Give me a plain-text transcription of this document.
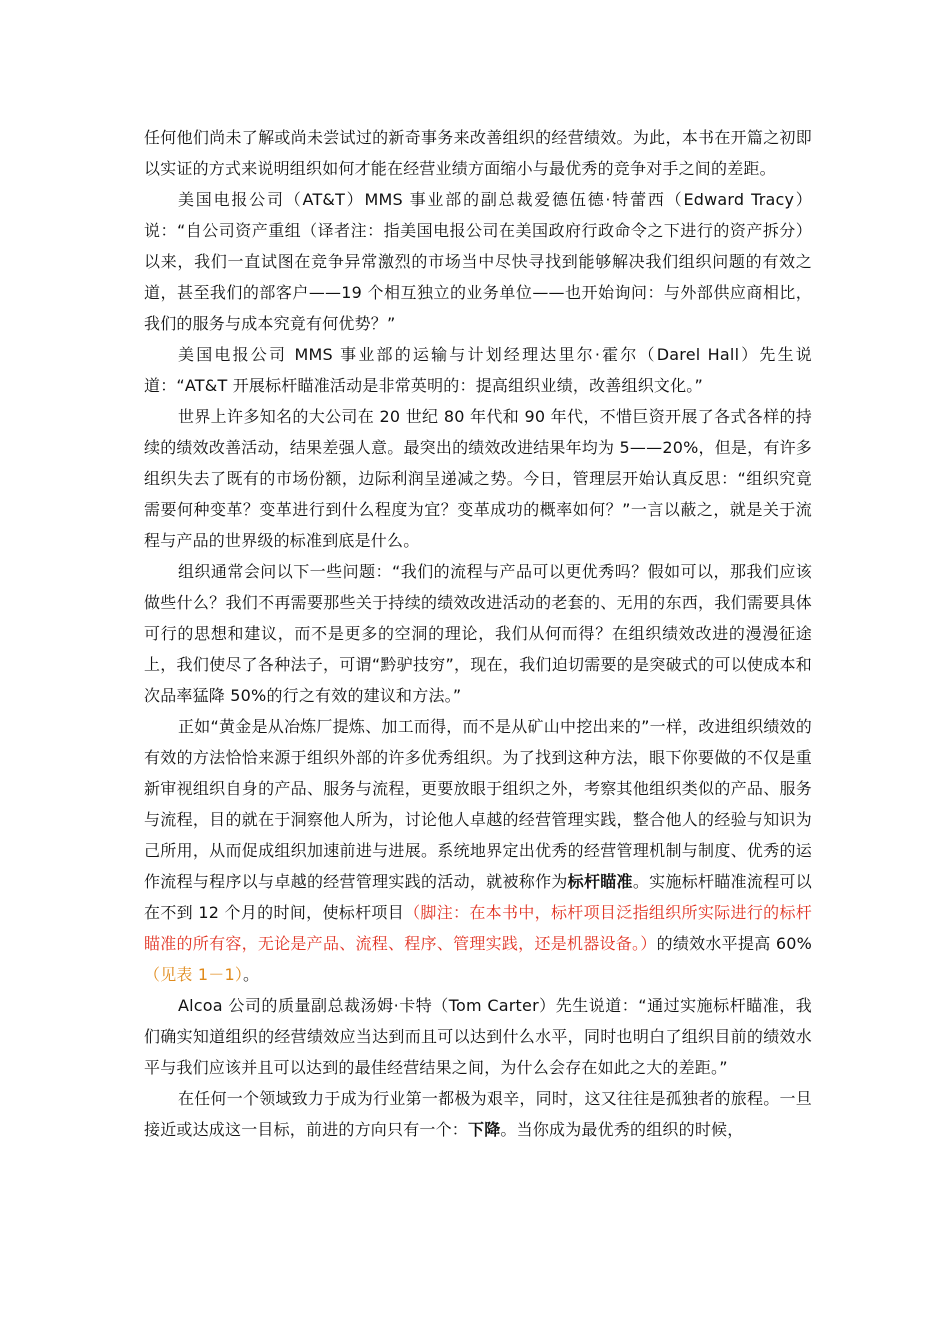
任何他们尚未了解或尚未尝试过的新奇事务来改善组织的经营绩效。为此，本书在开篇之初即以实证的方式来说明组织如何才能在经营业绩方面缩小与最优秀的竞争对手之间的差距。

美国电报公司（AT&T）MMS 事业部的副总裁爱德伍德·特蕾西（Edward Tracy）说：“自公司资产重组（译者注：指美国电报公司在美国政府行政命令之下进行的资产拆分）以来，我们一直试图在竞争异常激烈的市场当中尽快寻找到能够解决我们组织问题的有效之道，甚至我们的部客户——19 个相互独立的业务单位——也开始询问：与外部供应商相比，我们的服务与成本究竟有何优势？”

美国电报公司 MMS 事业部的运输与计划经理达里尔·霍尔（Darel Hall）先生说道：“AT&T 开展标杆瞄准活动是非常英明的：提高组织业绩，改善组织文化。”

世界上许多知名的大公司在 20 世纪 80 年代和 90 年代，不惜巨资开展了各式各样的持续的绩效改善活动，结果差强人意。最突出的绩效改进结果年均为 5——20%，但是，有许多组织失去了既有的市场份额，边际利润呈递减之势。今日，管理层开始认真反思：“组织究竟需要何种变革？变革进行到什么程度为宜？变革成功的概率如何？”一言以蔽之，就是关于流程与产品的世界级的标准到底是什么。

组织通常会问以下一些问题：“我们的流程与产品可以更优秀吗？假如可以，那我们应该做些什么？我们不再需要那些关于持续的绩效改进活动的老套的、无用的东西，我们需要具体可行的思想和建议，而不是更多的空洞的理论，我们从何而得？在组织绩效改进的漫漫征途上，我们使尽了各种法子，可谓“黔驴技穷”，现在，我们迫切需要的是突破式的可以使成本和次品率猛降 50%的行之有效的建议和方法。”

正如“黄金是从冶炼厂提炼、加工而得，而不是从矿山中挖出来的”一样，改进组织绩效的有效的方法恰恰来源于组织外部的许多优秀组织。为了找到这种方法，眼下你要做的不仅是重新审视组织自身的产品、服务与流程，更要放眼于组织之外，考察其他组织类似的产品、服务与流程，目的就在于洞察他人所为，讨论他人卓越的经营管理实践，整合他人的经验与知识为己所用，从而促成组织加速前进与进展。系统地界定出优秀的经营管理机制与制度、优秀的运作流程与程序以与卓越的经营管理实践的活动，就被称作为标杆瞄准。实施标杆瞄准流程可以在不到 12 个月的时间，使标杆项目（脚注：在本书中，标杆项目泛指组织所实际进行的标杆瞄准的所有容，无论是产品、流程、程序、管理实践，还是机器设备。）的绩效水平提高 60%（见表 1－1）。

Alcoa 公司的质量副总裁汤姆·卡特（Tom Carter）先生说道：“通过实施标杆瞄准，我们确实知道组织的经营绩效应当达到而且可以达到什么水平，同时也明白了组织目前的绩效水平与我们应该并且可以达到的最佳经营结果之间，为什么会存在如此之大的差距。”

在任何一个领域致力于成为行业第一都极为艰辛，同时，这又往往是孤独者的旅程。一旦接近或达成这一目标，前进的方向只有一个：下降。当你成为最优秀的组织的时候，
